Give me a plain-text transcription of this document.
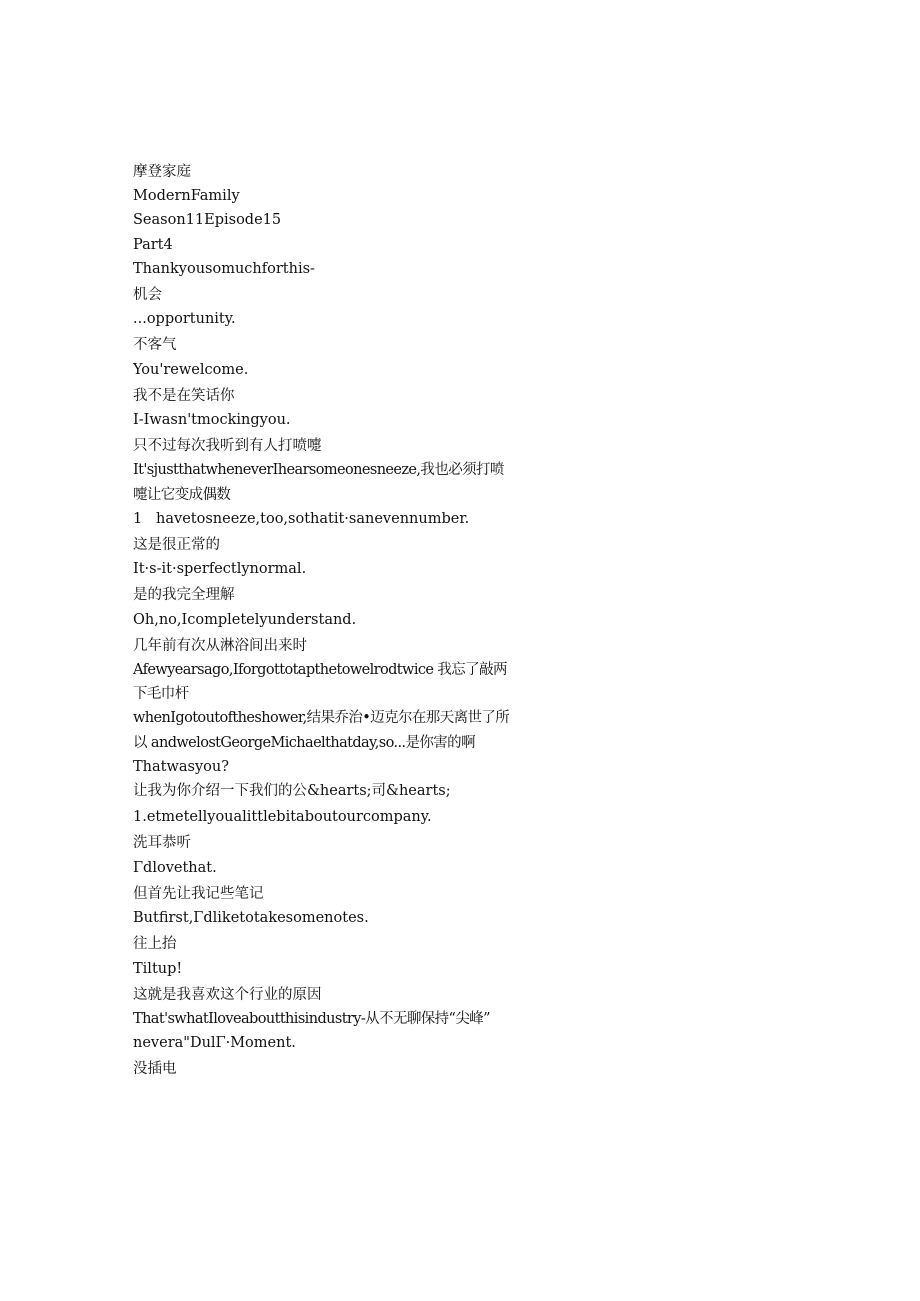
摩登家庭
ModernFamily
Season11Episode15
Part4
Thankyousomuchforthis-
机会
...opportunity.
不客气
You'rewelcome.
我不是在笑话你
I-Iwasn'tmockingyou.
只不过每次我听到有人打喷嚏
It'sjustthatwheneverIhearsomeonesneeze,我也必须打喷嚏让它变成偶数
1   havetosneeze,too,sothatit·sanevennumber.
这是很正常的
It·s-it·sperfectlynormal.
是的我完全理解
Oh,no,Icompletelyunderstand.
几年前有次从淋浴间出来时
Afewyearsago,Iforgottotapthetowelrodtwice 我忘了敲两下毛巾杆
whenIgotoutoftheshower,结果乔治•迈克尔在那天离世了所以 andwelostGeorgeMichaelthatday,so...是你害的啊
Thatwasyou?
让我为你介绍一下我们的公&hearts;司&hearts;
1.etmetellyoualittlebitaboutourcompany.
洗耳恭听
Γdlovethat.
但首先让我记些笔记
Butfirst,Γdliketotakesomenotes.
往上抬
Tiltup!
这就是我喜欢这个行业的原因
That'swhatIloveaboutthisindustry-从不无聊保持“尖峰”
nevera"DulΓ·Moment.
没插电
